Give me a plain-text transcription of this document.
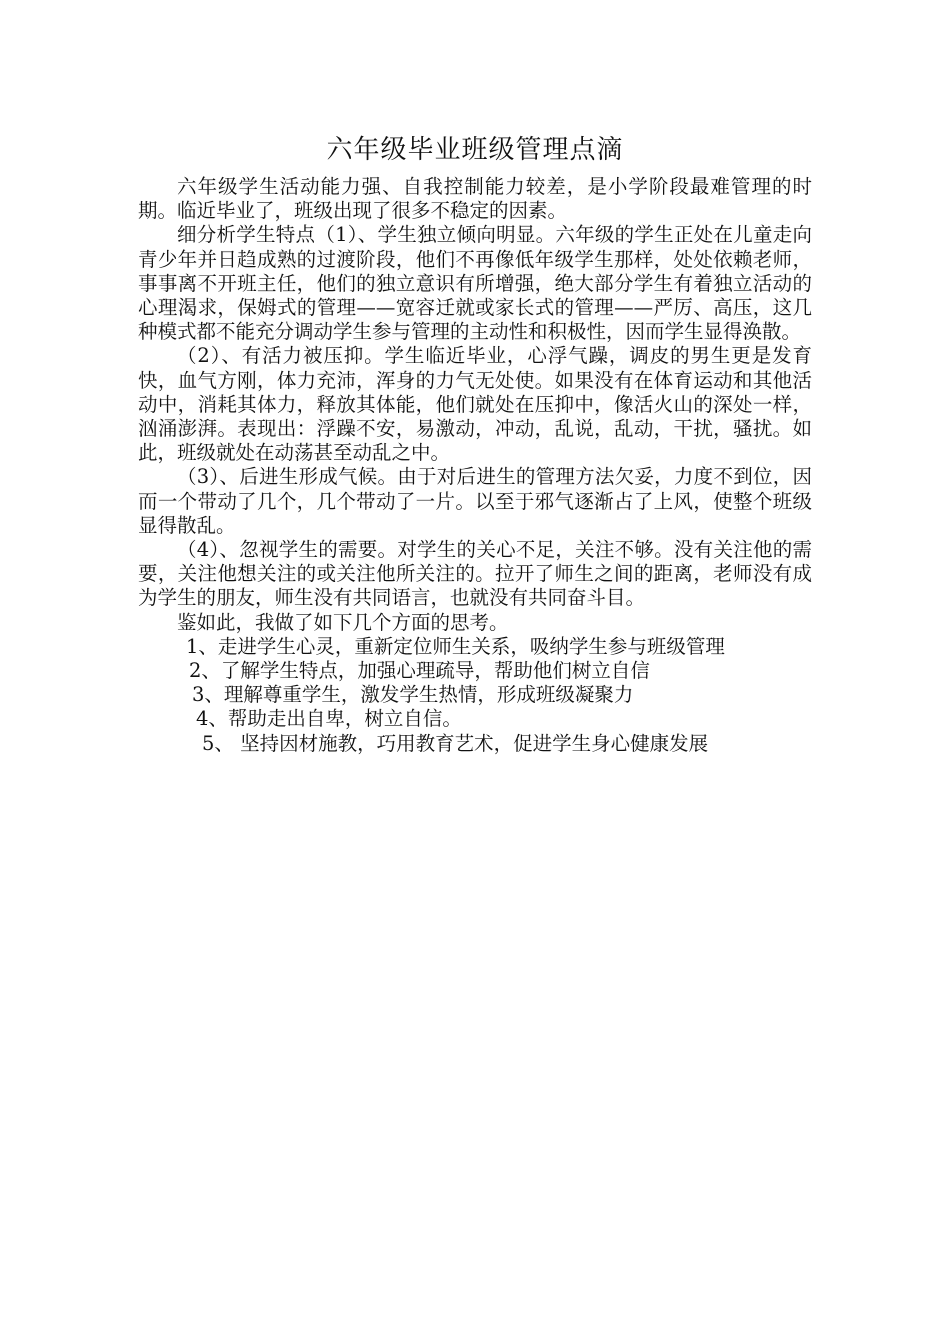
六年级毕业班级管理点滴

六年级学生活动能力强、自我控制能力较差，是小学阶段最难管理的时期。临近毕业了，班级出现了很多不稳定的因素。

细分析学生特点（1）、学生独立倾向明显。六年级的学生正处在儿童走向青少年并日趋成熟的过渡阶段，他们不再像低年级学生那样，处处依赖老师，事事离不开班主任，他们的独立意识有所增强，绝大部分学生有着独立活动的心理渴求，保姆式的管理——宽容迁就或家长式的管理——严厉、高压，这几种模式都不能充分调动学生参与管理的主动性和积极性，因而学生显得涣散。

（2）、有活力被压抑。学生临近毕业，心浮气躁，调皮的男生更是发育快，血气方刚，体力充沛，浑身的力气无处使。如果没有在体育运动和其他活动中，消耗其体力，释放其体能，他们就处在压抑中，像活火山的深处一样，汹涌澎湃。表现出：浮躁不安，易激动，冲动，乱说，乱动，干扰，骚扰。如此，班级就处在动荡甚至动乱之中。

（3）、后进生形成气候。由于对后进生的管理方法欠妥，力度不到位，因而一个带动了几个，几个带动了一片。以至于邪气逐渐占了上风，使整个班级显得散乱。

（4）、忽视学生的需要。对学生的关心不足，关注不够。没有关注他的需要，关注他想关注的或关注他所关注的。拉开了师生之间的距离，老师没有成为学生的朋友，师生没有共同语言，也就没有共同奋斗目。

鉴如此，我做了如下几个方面的思考。

1、走进学生心灵，重新定位师生关系，吸纳学生参与班级管理

2、了解学生特点，加强心理疏导，帮助他们树立自信

3、理解尊重学生，激发学生热情，形成班级凝聚力

4、帮助走出自卑，树立自信。

5、 坚持因材施教，巧用教育艺术，促进学生身心健康发展
